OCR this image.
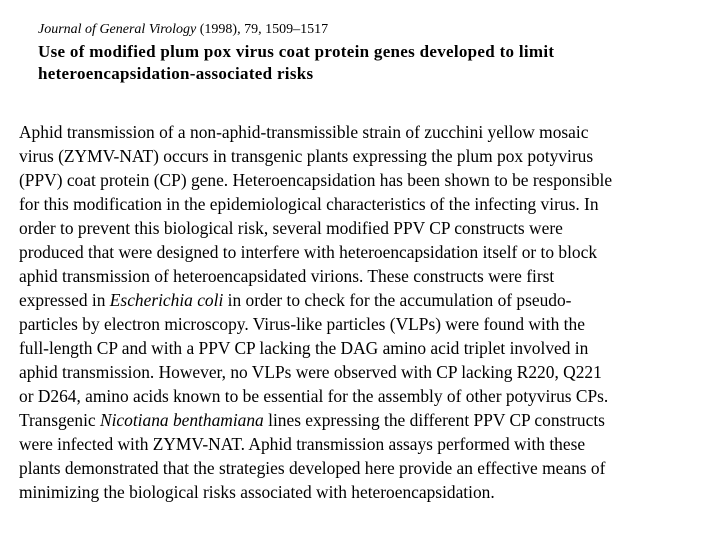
Journal of General Virology (1998), 79, 1509–1517
Use of modified plum pox virus coat protein genes developed to limit
heteroencapsidation-associated risks
Aphid transmission of a non-aphid-transmissible strain of zucchini yellow mosaic
virus (ZYMV-NAT) occurs in transgenic plants expressing the plum pox potyvirus
(PPV) coat protein (CP) gene. Heteroencapsidation has been shown to be responsible
for this modification in the epidemiological characteristics of the infecting virus. In
order to prevent this biological risk, several modified PPV CP constructs were
produced that were designed to interfere with heteroencapsidation itself or to block
aphid transmission of heteroencapsidated virions. These constructs were first
expressed in Escherichia coli in order to check for the accumulation of pseudo-
particles by electron microscopy. Virus-like particles (VLPs) were found with the
full-length CP and with a PPV CP lacking the DAG amino acid triplet involved in
aphid transmission. However, no VLPs were observed with CP lacking R220, Q221
or D264, amino acids known to be essential for the assembly of other potyvirus CPs.
Transgenic Nicotiana benthamiana lines expressing the different PPV CP constructs
were infected with ZYMV-NAT. Aphid transmission assays performed with these
plants demonstrated that the strategies developed here provide an effective means of
minimizing the biological risks associated with heteroencapsidation.
